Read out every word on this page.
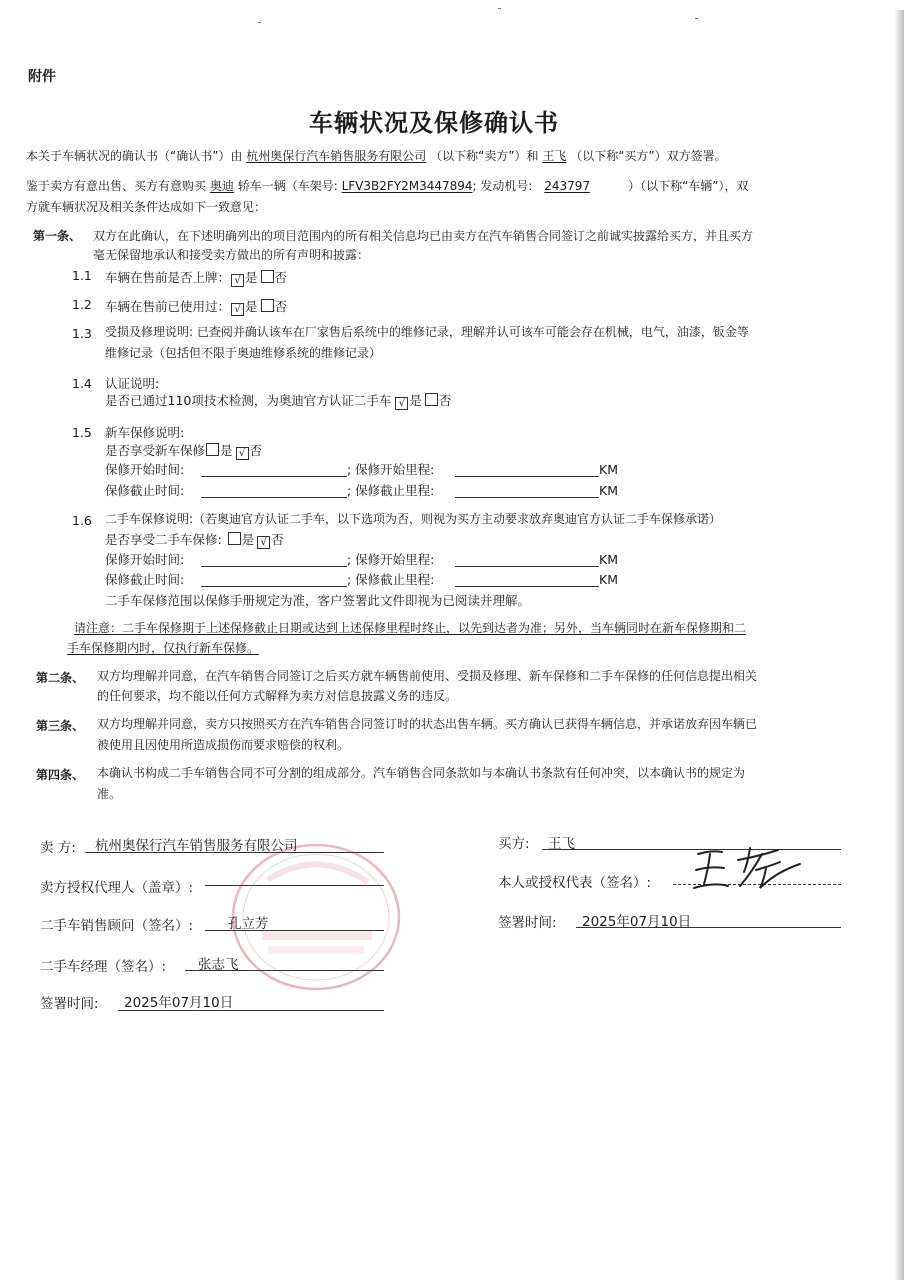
附件
车辆状况及保修确认书
本关于车辆状况的确认书（“确认书”）由 杭州奥保行汽车销售服务有限公司 （以下称“卖方”）和 王飞 （以下称“买方”）双方签署。
鉴于卖方有意出售、买方有意购买 奥迪 轿车一辆（车架号: LFV3B2FY2M3447894; 发动机号: 243797	）（以下称“车辆”），双
方就车辆状况及相关条件达成如下一致意见：
第一条、 双方在此确认，在下述明确列出的项目范围内的所有相关信息均已由卖方在汽车销售合同签订之前诚实披露给买方，并且买方
毫无保留地承认和接受卖方做出的所有声明和披露：
1.1 车辆在售前是否上牌： √ 是 否
1.2 车辆在售前已使用过： √ 是 否
1.3 受损及修理说明: 已查阅并确认该车在厂家售后系统中的维修记录，理解并认可该车可能会存在机械，电气，油漆，钣金等
维修记录（包括但不限于奥迪维修系统的维修记录）
1.4 认证说明:
是否已通过110项技术检测，为奥迪官方认证二手车 √ 是 否
1.5 新车保修说明:
是否享受新车保修 是 √ 否
保修开始时间:	; 保修开始里程:	KM
保修截止时间:	; 保修截止里程:	KM
1.6 二手车保修说明:（若奥迪官方认证二手车，以下选项为否，则视为买方主动要求放弃奥迪官方认证二手车保修承诺）
是否享受二手车保修: 是 √ 否
保修开始时间:	; 保修开始里程:	KM
保修截止时间:	; 保修截止里程:	KM
二手车保修范围以保修手册规定为准，客户签署此文件即视为已阅读并理解。
请注意：二手车保修期于上述保修截止日期或达到上述保修里程时终止，以先到达者为准；另外，当车辆同时在新车保修期和二
手车保修期内时，仅执行新车保修。
第二条、 双方均理解并同意，在汽车销售合同签订之后买方就车辆售前使用、受损及修理、新车保修和二手车保修的任何信息提出相关
的任何要求，均不能以任何方式解释为卖方对信息披露义务的违反。
第三条、 双方均理解并同意，卖方只按照买方在汽车销售合同签订时的状态出售车辆。买方确认已获得车辆信息，并承诺放弃因车辆已
被使用且因使用所造成损伤而要求赔偿的权利。
第四条、 本确认书构成二手车销售合同不可分割的组成部分。汽车销售合同条款如与本确认书条款有任何冲突，以本确认书的规定为
准。
卖 方: 杭州奥保行汽车销售服务有限公司
卖方授权代理人（盖章）:
二手车销售顾问（签名）:	孔立芳
二手车经理（签名）: 张志飞
签署时间: 2025年07月10日
买方: 王飞
本人或授权代表（签名）:
签署时间: 2025年07月10日
